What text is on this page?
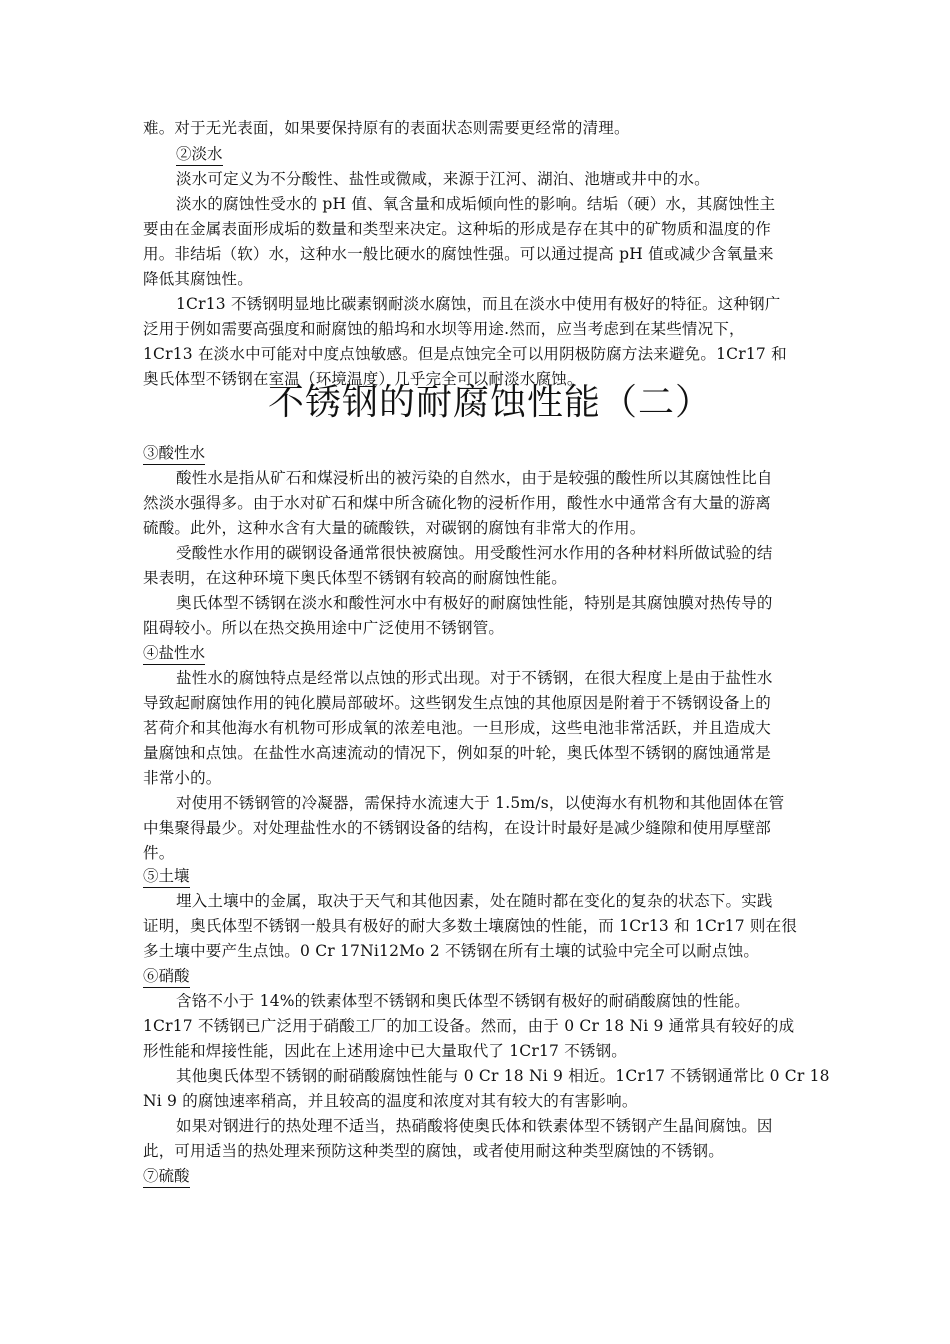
难。对于无光表面，如果要保持原有的表面状态则需要更经常的清理。
②淡水
淡水可定义为不分酸性、盐性或微咸，来源于江河、湖泊、池塘或井中的水。
淡水的腐蚀性受水的 pH 值、氧含量和成垢倾向性的影响。结垢（硬）水，其腐蚀性主
要由在金属表面形成垢的数量和类型来决定。这种垢的形成是存在其中的矿物质和温度的作
用。非结垢（软）水，这种水一般比硬水的腐蚀性强。可以通过提高 pH 值或减少含氧量来
降低其腐蚀性。
1Cr13 不锈钢明显地比碳素钢耐淡水腐蚀，而且在淡水中使用有极好的特征。这种钢广
泛用于例如需要高强度和耐腐蚀的船坞和水坝等用途.然而，应当考虑到在某些情况下，
1Cr13 在淡水中可能对中度点蚀敏感。但是点蚀完全可以用阴极防腐方法来避免。1Cr17 和
奥氏体型不锈钢在室温（环境温度）几乎完全可以耐淡水腐蚀。
③酸性水
酸性水是指从矿石和煤浸析出的被污染的自然水，由于是较强的酸性所以其腐蚀性比自
然淡水强得多。由于水对矿石和煤中所含硫化物的浸析作用，酸性水中通常含有大量的游离
硫酸。此外，这种水含有大量的硫酸铁，对碳钢的腐蚀有非常大的作用。
受酸性水作用的碳钢设备通常很快被腐蚀。用受酸性河水作用的各种材料所做试验的结
果表明，在这种环境下奥氏体型不锈钢有较高的耐腐蚀性能。
奥氏体型不锈钢在淡水和酸性河水中有极好的耐腐蚀性能，特别是其腐蚀膜对热传导的
阻碍较小。所以在热交换用途中广泛使用不锈钢管。
④盐性水
盐性水的腐蚀特点是经常以点蚀的形式出现。对于不锈钢，在很大程度上是由于盐性水
导致起耐腐蚀作用的钝化膜局部破坏。这些钢发生点蚀的其他原因是附着于不锈钢设备上的
茗荷介和其他海水有机物可形成氧的浓差电池。一旦形成，这些电池非常活跃，并且造成大
量腐蚀和点蚀。在盐性水高速流动的情况下，例如泵的叶轮，奥氏体型不锈钢的腐蚀通常是
非常小的。
对使用不锈钢管的冷凝器，需保持水流速大于 1.5m/s，以使海水有机物和其他固体在管
中集聚得最少。对处理盐性水的不锈钢设备的结构，在设计时最好是减少缝隙和使用厚壁部
件。
⑤土壤
埋入土壤中的金属，取决于天气和其他因素，处在随时都在变化的复杂的状态下。实践
证明，奥氏体型不锈钢一般具有极好的耐大多数土壤腐蚀的性能，而 1Cr13 和 1Cr17 则在很
多土壤中要产生点蚀。0 Cr 17Ni12Mo 2 不锈钢在所有土壤的试验中完全可以耐点蚀。
⑥硝酸
含铬不小于 14%的铁素体型不锈钢和奥氏体型不锈钢有极好的耐硝酸腐蚀的性能。
1Cr17 不锈钢已广泛用于硝酸工厂的加工设备。然而，由于 0 Cr 18 Ni 9 通常具有较好的成
形性能和焊接性能，因此在上述用途中已大量取代了 1Cr17 不锈钢。
其他奥氏体型不锈钢的耐硝酸腐蚀性能与 0 Cr 18 Ni 9 相近。1Cr17 不锈钢通常比 0 Cr 18
Ni 9 的腐蚀速率稍高，并且较高的温度和浓度对其有较大的有害影响。
如果对钢进行的热处理不适当，热硝酸将使奥氏体和铁素体型不锈钢产生晶间腐蚀。因
此，可用适当的热处理来预防这种类型的腐蚀，或者使用耐这种类型腐蚀的不锈钢。
⑦硫酸
不锈钢的耐腐蚀性能（二）
